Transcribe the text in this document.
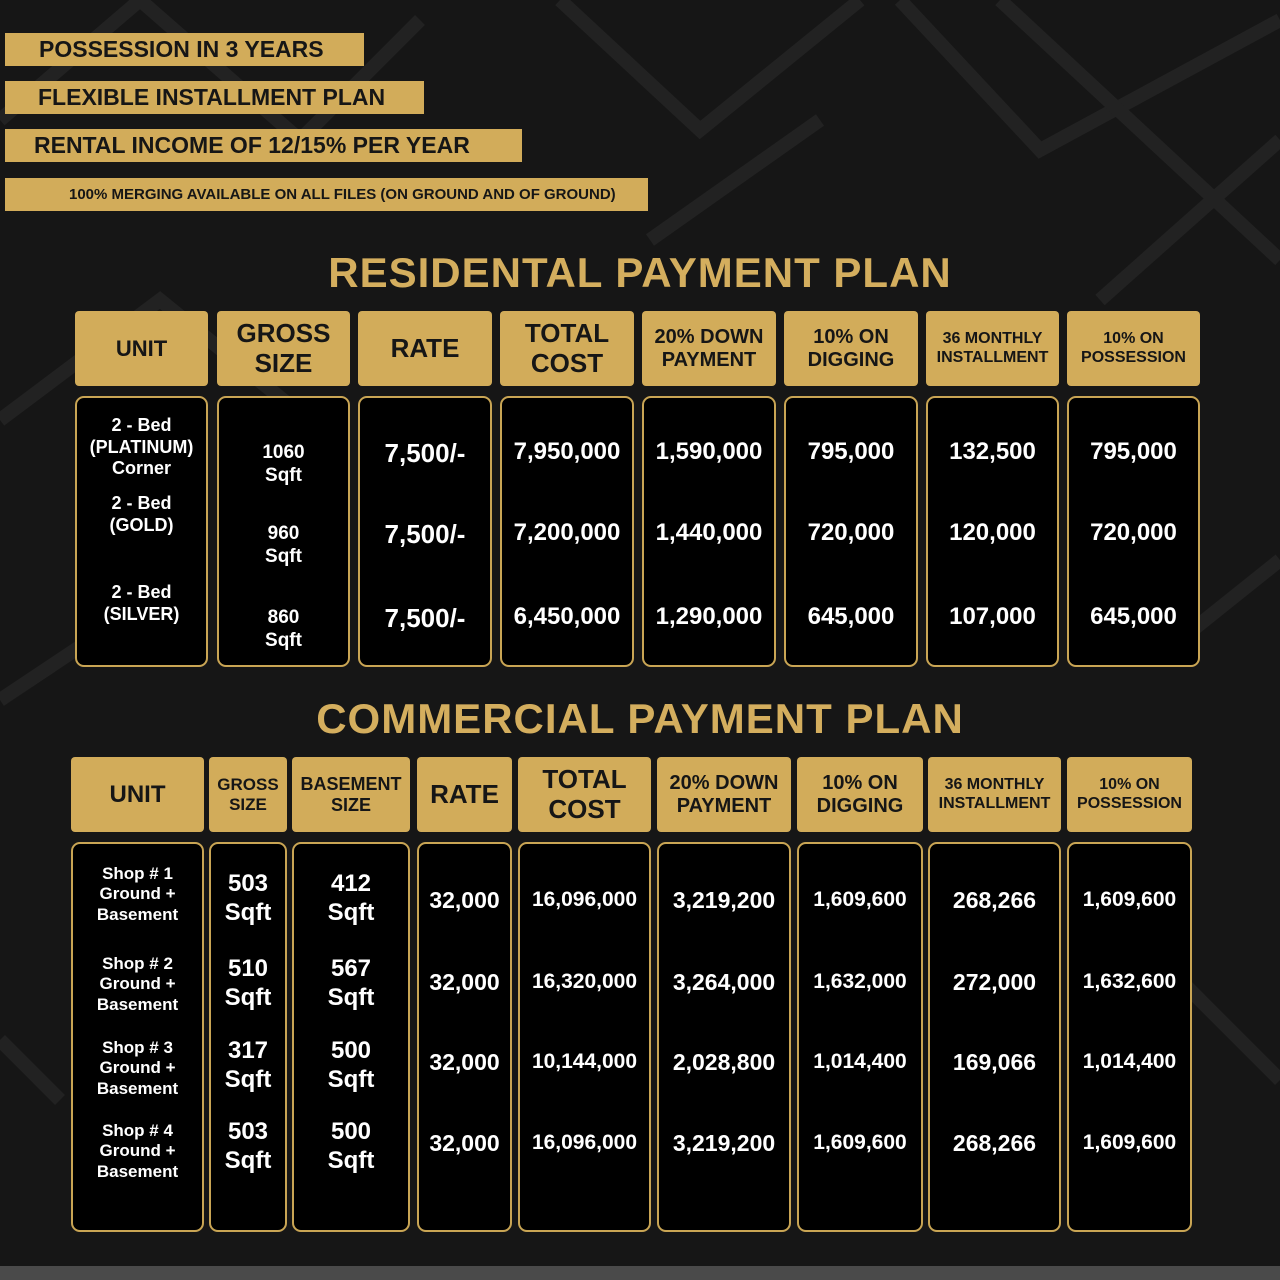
POSSESSION IN 3 YEARS
FLEXIBLE INSTALLMENT PLAN
RENTAL INCOME OF 12/15% PER YEAR
100% MERGING AVAILABLE ON ALL FILES (ON GROUND AND OF GROUND)
RESIDENTAL PAYMENT PLAN
UNIT
2 - Bed
(PLATINUM)
Corner
2 - Bed
(GOLD)
2 - Bed
(SILVER)
GROSS SIZE
1060
Sqft
960
Sqft
860
Sqft
RATE
7,500/-
7,500/-
7,500/-
TOTAL COST
7,950,000
7,200,000
6,450,000
20% DOWN PAYMENT
1,590,000
1,440,000
1,290,000
10% ON DIGGING
795,000
720,000
645,000
36 MONTHLY INSTALLMENT
132,500
120,000
107,000
10% ON POSSESSION
795,000
720,000
645,000
COMMERCIAL PAYMENT PLAN
UNIT
Shop # 1
Ground +
Basement
Shop # 2
Ground +
Basement
Shop # 3
Ground +
Basement
Shop # 4
Ground +
Basement
GROSS SIZE
503
Sqft
510
Sqft
317
Sqft
503
Sqft
BASEMENT SIZE
412
Sqft
567
Sqft
500
Sqft
500
Sqft
RATE
32,000
32,000
32,000
32,000
TOTAL COST
16,096,000
16,320,000
10,144,000
16,096,000
20% DOWN PAYMENT
3,219,200
3,264,000
2,028,800
3,219,200
10% ON DIGGING
1,609,600
1,632,000
1,014,400
1,609,600
36 MONTHLY INSTALLMENT
268,266
272,000
169,066
268,266
10% ON POSSESSION
1,609,600
1,632,600
1,014,400
1,609,600
